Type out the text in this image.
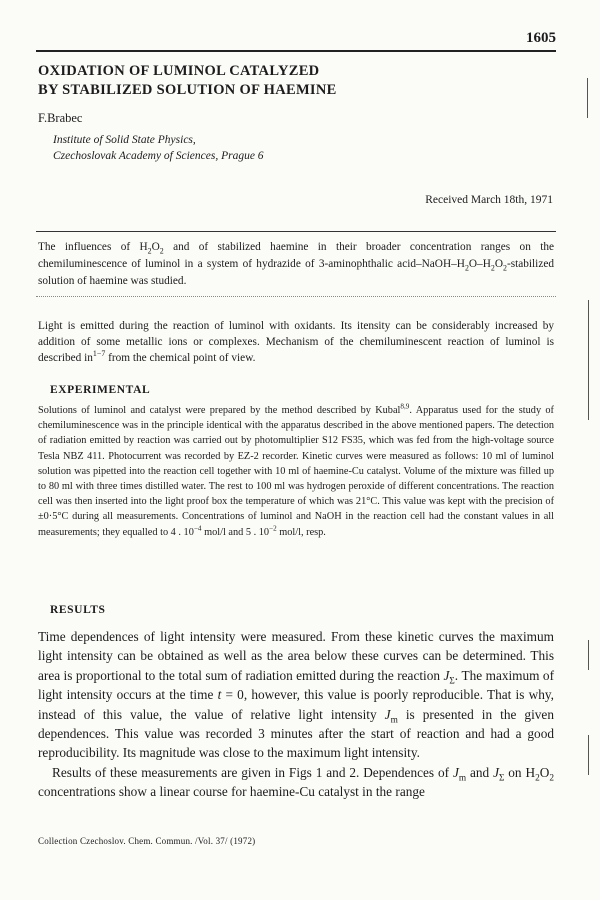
1605
OXIDATION OF LUMINOL CATALYZED
BY STABILIZED SOLUTION OF HAEMINE
F.Brabec
Institute of Solid State Physics,
Czechoslovak Academy of Sciences, Prague 6
Received March 18th, 1971
The influences of $H_2O_2$ and of stabilized haemine in their broader concentration ranges on the chemiluminescence of luminol in a system of hydrazide of 3-aminophthalic acid–$NaOH-H_2O-H_2O_2$-stabilized solution of haemine was studied.
Light is emitted during the reaction of luminol with oxidants. Its itensity can be considerably increased by addition of some metallic ions or complexes. Mechanism of the chemiluminescent reaction of luminol is described $in^{1-7}$ from the chemical point of view.
EXPERIMENTAL
Solutions of luminol and catalyst were prepared by the method described by Kubal$^{8,9}$. Apparatus used for the study of chemiluminescence was in the principle identical with the apparatus described in the above mentioned papers. The detection of radiation emitted by reaction was carried out by photomultiplier S12 FS35, which was fed from the high-voltage source Tesla NBZ 411. Photocurrent was recorded by EZ-2 recorder. Kinetic curves were measured as follows: 10 ml of luminol solution was pipetted into the reaction cell together with 10 ml of haemine-Cu catalyst. Volume of the mixture was filled up to 80 ml with three times distilled water. The rest to 100 ml was hydrogen peroxide of different concentrations. The reaction cell was then inserted into the light proof box the temperature of which was 21°C. This value was kept with the precision of ±0·5°C during all measurements. Concentrations of luminol and NaOH in the reaction cell had the constant values in all measurements; they equalled to 4 . $10^{-4}$ mol/l and 5 . $10^{-2}$ mol/l, resp.
RESULTS

Time dependences of light intensity were measured. From these kinetic curves the maximum light intensity can be obtained as well as the area below these curves can be determined. This area is proportional to the total sum of radiation emitted during the reaction $J_\Sigma$. The maximum of light intensity occurs at the time t = 0, however, this value is poorly reproducible. That is why, instead of this value, the value of relative light intensity $J_m$ is presented in the given dependences. This value was recorded 3 minutes after the start of reaction and had a good reproducibility. Its magnitude was close to the maximum light intensity.

Results of these measurements are given in Figs 1 and 2. Dependences of $J_m$ and $J_\Sigma$ on $H_2O_2$ concentrations show a linear course for haemine-Cu catalyst in the range

Collection Czechoslov. Chem. Commun. /Vol. 37/ (1972)
